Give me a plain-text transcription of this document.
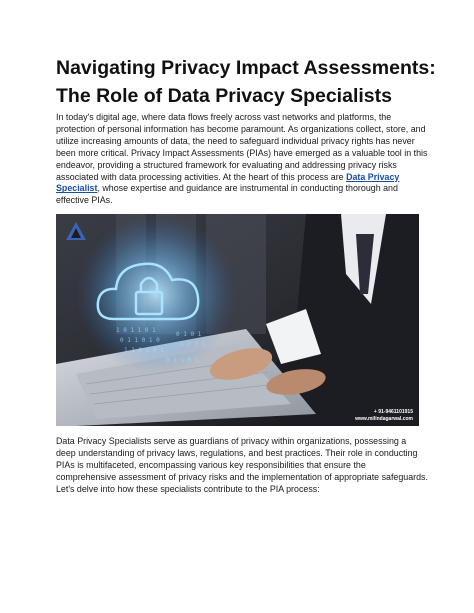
Navigating Privacy Impact Assessments: The Role of Data Privacy Specialists

In today's digital age, where data flows freely across vast networks and platforms, the protection of personal information has become paramount. As organizations collect, store, and utilize increasing amounts of data, the need to safeguard individual privacy rights has never been more critical. Privacy Impact Assessments (PIAs) have emerged as a valuable tool in this endeavor, providing a structured framework for evaluating and addressing privacy risks associated with data processing activities. At the heart of this process are Data Privacy Specialist, whose expertise and guidance are instrumental in conducting thorough and effective PIAs.

1 0 1 1 0 1
0 1 1 0 1 0
1 1 0 1 0 1
0 1 0 1
1 0 1 1
0 1 1 0 1
+ 91-9461101915
www.milindagarwal.com

Data Privacy Specialists serve as guardians of privacy within organizations, possessing a deep understanding of privacy laws, regulations, and best practices. Their role in conducting PIAs is multifaceted, encompassing various key responsibilities that ensure the comprehensive assessment of privacy risks and the implementation of appropriate safeguards. Let's delve into how these specialists contribute to the PIA process:
